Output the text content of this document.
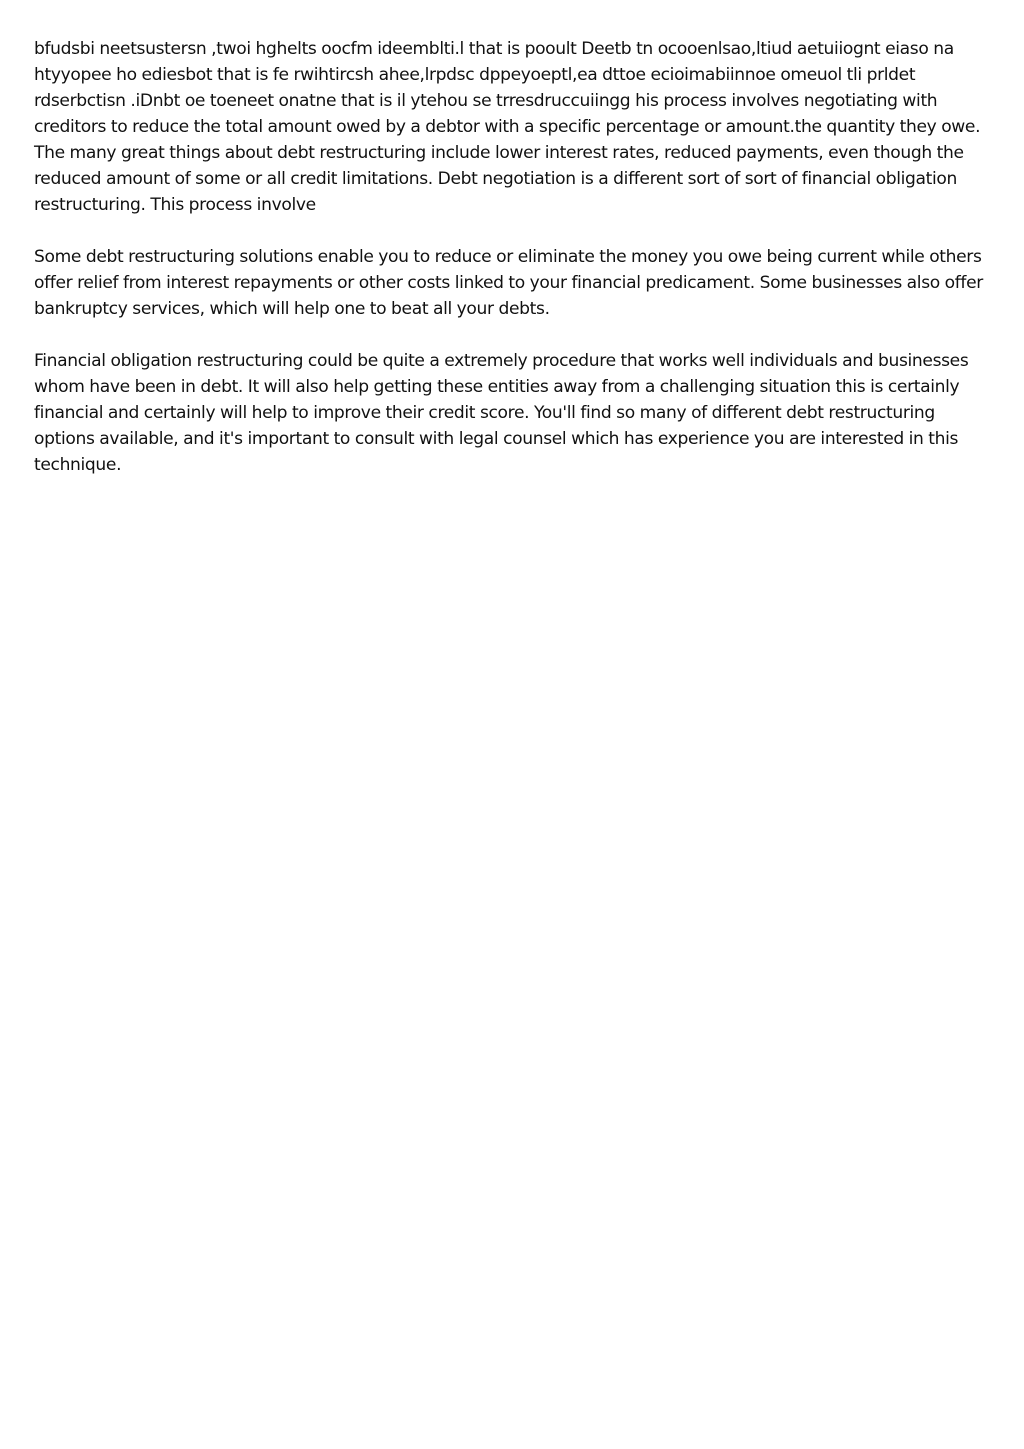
bfudsbi neetsustersn ,twoi hghelts oocfm ideemblti.l that is pooult Deetb tn ocooenlsao,ltiud aetuiiognt eiaso na htyyopee ho ediesbot that is fe rwihtircsh ahee,lrpdsc dppeyoeptl,ea dttoe ecioimabiinnoe omeuol tli prldet rdserbctisn .iDnbt oe toeneet onatne that is il ytehou se trresdruccuiingg his process involves negotiating with creditors to reduce the total amount owed by a debtor with a specific percentage or amount.the quantity they owe. The many great things about debt restructuring include lower interest rates, reduced payments, even though the reduced amount of some or all credit limitations. Debt negotiation is a different sort of sort of financial obligation restructuring. This process involve

Some debt restructuring solutions enable you to reduce or eliminate the money you owe being current while others offer relief from interest repayments or other costs linked to your financial predicament. Some businesses also offer bankruptcy services, which will help one to beat all your debts.

Financial obligation restructuring could be quite a extremely procedure that works well individuals and businesses whom have been in debt. It will also help getting these entities away from a challenging situation this is certainly financial and certainly will help to improve their credit score. You'll find so many of different debt restructuring options available, and it's important to consult with legal counsel which has experience you are interested in this technique.
